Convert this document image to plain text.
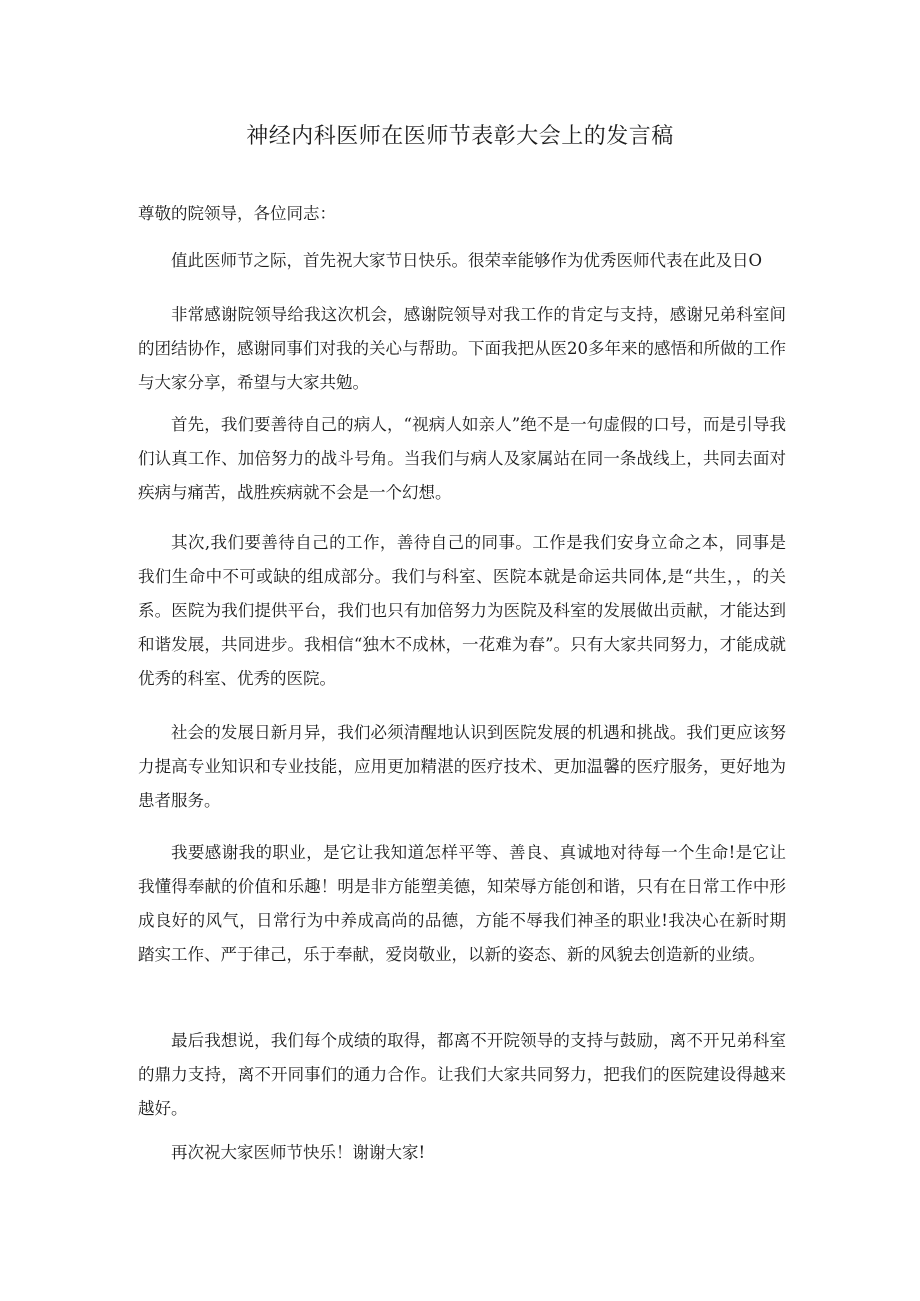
神经内科医师在医师节表彰大会上的发言稿
尊敬的院领导，各位同志：

值此医师节之际，首先祝大家节日快乐。很荣幸能够作为优秀医师代表在此及日O

非常感谢院领导给我这次机会，感谢院领导对我工作的肯定与支持，感谢兄弟科室间的团结协作，感谢同事们对我的关心与帮助。下面我把从医20多年来的感悟和所做的工作与大家分享，希望与大家共勉。

首先，我们要善待自己的病人，“视病人如亲人”绝不是一句虚假的口号，而是引导我们认真工作、加倍努力的战斗号角。当我们与病人及家属站在同一条战线上，共同去面对疾病与痛苦，战胜疾病就不会是一个幻想。

其次,我们要善待自己的工作，善待自己的同事。工作是我们安身立命之本，同事是我们生命中不可或缺的组成部分。我们与科室、医院本就是命运共同体,是“共生，，的关系。医院为我们提供平台，我们也只有加倍努力为医院及科室的发展做出贡献，才能达到和谐发展，共同进步。我相信“独木不成林，一花难为春”。只有大家共同努力，才能成就优秀的科室、优秀的医院。

社会的发展日新月异，我们必须清醒地认识到医院发展的机遇和挑战。我们更应该努力提高专业知识和专业技能，应用更加精湛的医疗技术、更加温馨的医疗服务，更好地为患者服务。

我要感谢我的职业，是它让我知道怎样平等、善良、真诚地对待每一个生命!是它让我懂得奉献的价值和乐趣！明是非方能塑美德，知荣辱方能创和谐，只有在日常工作中形成良好的风气，日常行为中养成高尚的品德，方能不辱我们神圣的职业!我决心在新时期踏实工作、严于律己，乐于奉献，爱岗敬业，以新的姿态、新的风貌去创造新的业绩。

最后我想说，我们每个成绩的取得，都离不开院领导的支持与鼓励，离不开兄弟科室的鼎力支持，离不开同事们的通力合作。让我们大家共同努力，把我们的医院建设得越来越好。

再次祝大家医师节快乐！谢谢大家!
